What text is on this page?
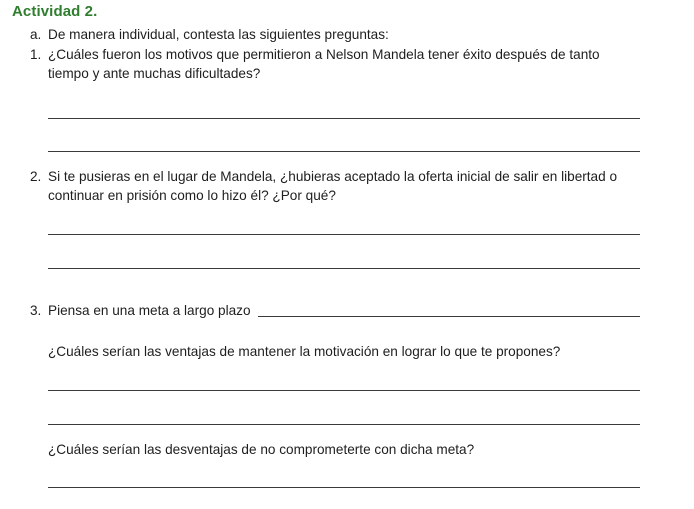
Actividad 2.
a. De manera individual, contesta las siguientes preguntas:
1. ¿Cuáles fueron los motivos que permitieron a Nelson Mandela tener éxito después de tanto
tiempo y ante muchas dificultades?
2. Si te pusieras en el lugar de Mandela, ¿hubieras aceptado la oferta inicial de salir en libertad o
continuar en prisión como lo hizo él? ¿Por qué?
3. Piensa en una meta a largo plazo
¿Cuáles serían las ventajas de mantener la motivación en lograr lo que te propones?
¿Cuáles serían las desventajas de no comprometerte con dicha meta?
